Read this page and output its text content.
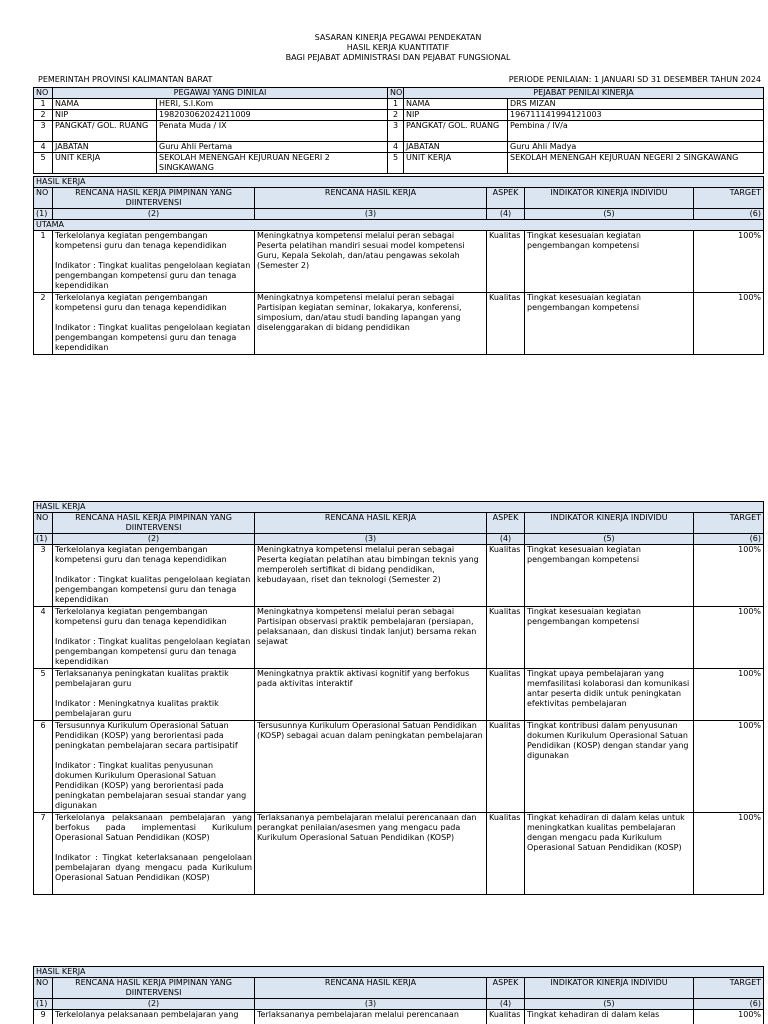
SASARAN KINERJA PEGAWAI PENDEKATAN
HASIL KERJA KUANTITATIF
BAGI PEJABAT ADMINISTRASI DAN PEJABAT FUNGSIONAL
PEMERINTAH PROVINSI KALIMANTAN BARAT	PERIODE PENILAIAN: 1 JANUARI SD 31 DESEMBER TAHUN 2024
NO	PEGAWAI YANG DINILAI		NO	PEJABAT PENILAI KINERJA	
1	NAMA	HERI, S.I.Kom	1	NAMA	DRS MIZAN
2	NIP	198203062024211009	2	NIP	196711141994121003
3	PANGKAT/ GOL. RUANG	Penata Muda / IX	3	PANGKAT/ GOL. RUANG	Pembina / IV/a
4	JABATAN	Guru Ahli Pertama	4	JABATAN	Guru Ahli Madya
5	UNIT KERJA	SEKOLAH MENENGAH KEJURUAN NEGERI 2 SINGKAWANG	5	UNIT KERJA	SEKOLAH MENENGAH KEJURUAN NEGERI 2 SINGKAWANG
HASIL KERJA					
NO	RENCANA HASIL KERJA PIMPINAN YANG DIINTERVENSI	RENCANA HASIL KERJA	ASPEK	INDIKATOR KINERJA INDIVIDU	TARGET
(1)	(2)	(3)	(4)	(5)	(6)
UTAMA					
1	Terkelolanya kegiatan pengembangan kompetensi guru dan tenaga kependidikan
Indikator : Tingkat kualitas pengelolaan kegiatan pengembangan kompetensi guru dan tenaga kependidikan	Meningkatnya kompetensi melalui peran sebagai Peserta pelatihan mandiri sesuai model kompetensi Guru, Kepala Sekolah, dan/atau pengawas sekolah (Semester 2)	Kualitas	Tingkat kesesuaian kegiatan pengembangan kompetensi	100%
2	Terkelolanya kegiatan pengembangan kompetensi guru dan tenaga kependidikan
Indikator : Tingkat kualitas pengelolaan kegiatan pengembangan kompetensi guru dan tenaga kependidikan	Meningkatnya kompetensi melalui peran sebagai Partisipan kegiatan seminar, lokakarya, konferensi, simposium, dan/atau studi banding lapangan yang diselenggarakan di bidang pendidikan	Kualitas	Tingkat kesesuaian kegiatan pengembangan kompetensi	100%
HASIL KERJA					
NO	RENCANA HASIL KERJA PIMPINAN YANG DIINTERVENSI	RENCANA HASIL KERJA	ASPEK	INDIKATOR KINERJA INDIVIDU	TARGET
(1)	(2)	(3)	(4)	(5)	(6)
3	Terkelolanya kegiatan pengembangan kompetensi guru dan tenaga kependidikan
Indikator : Tingkat kualitas pengelolaan kegiatan pengembangan kompetensi guru dan tenaga kependidikan	Meningkatnya kompetensi melalui peran sebagai Peserta kegiatan pelatihan atau bimbingan teknis yang memperoleh sertifikat di bidang pendidikan, kebudayaan, riset dan teknologi (Semester 2)	Kualitas	Tingkat kesesuaian kegiatan pengembangan kompetensi	100%
4	Terkelolanya kegiatan pengembangan kompetensi guru dan tenaga kependidikan
Indikator : Tingkat kualitas pengelolaan kegiatan pengembangan kompetensi guru dan tenaga kependidikan	Meningkatnya kompetensi melalui peran sebagai Partisipan observasi praktik pembelajaran (persiapan, pelaksanaan, dan diskusi tindak lanjut) bersama rekan sejawat	Kualitas	Tingkat kesesuaian kegiatan pengembangan kompetensi	100%
5	Terlaksananya peningkatan kualitas praktik pembelajaran guru
Indikator : Meningkatnya kualitas praktik pembelajaran guru	Meningkatnya praktik aktivasi kognitif yang berfokus pada aktivitas interaktif	Kualitas	Tingkat upaya pembelajaran yang memfasilitasi kolaborasi dan komunikasi antar peserta didik untuk peningkatan efektivitas pembelajaran	100%
6	Tersusunnya Kurikulum Operasional Satuan Pendidikan (KOSP) yang berorientasi pada peningkatan pembelajaran secara partisipatif
Indikator : Tingkat kualitas penyusunan dokumen Kurikulum Operasional Satuan Pendidikan (KOSP) yang berorientasi pada peningkatan pembelajaran sesuai standar yang digunakan	Tersusunnya Kurikulum Operasional Satuan Pendidikan (KOSP) sebagai acuan dalam peningkatan pembelajaran	Kualitas	Tingkat kontribusi dalam penyusunan dokumen Kurikulum Operasional Satuan Pendidikan (KOSP) dengan standar yang digunakan	100%
7	Terkelolanya pelaksanaan pembelajaran yang berfokus pada implementasi Kurikulum Operasional Satuan Pendidikan (KOSP)
Indikator : Tingkat keterlaksanaan pengelolaan pembelajaran dyang mengacu pada Kurikulum Operasional Satuan Pendidikan (KOSP)	Terlaksananya pembelajaran melalui perencanaan dan perangkat penilaian/asesmen yang mengacu pada Kurikulum Operasional Satuan Pendidikan (KOSP)	Kualitas	Tingkat kehadiran di dalam kelas untuk meningkatkan kualitas pembelajaran dengan mengacu pada Kurikulum Operasional Satuan Pendidikan (KOSP)	100%
HASIL KERJA					
NO	RENCANA HASIL KERJA PIMPINAN YANG DIINTERVENSI	RENCANA HASIL KERJA	ASPEK	INDIKATOR KINERJA INDIVIDU	TARGET
(1)	(2)	(3)	(4)	(5)	(6)
9	Terkelolanya pelaksanaan pembelajaran yang	Terlaksananya pembelajaran melalui perencanaan	Kualitas	Tingkat kehadiran di dalam kelas	100%
